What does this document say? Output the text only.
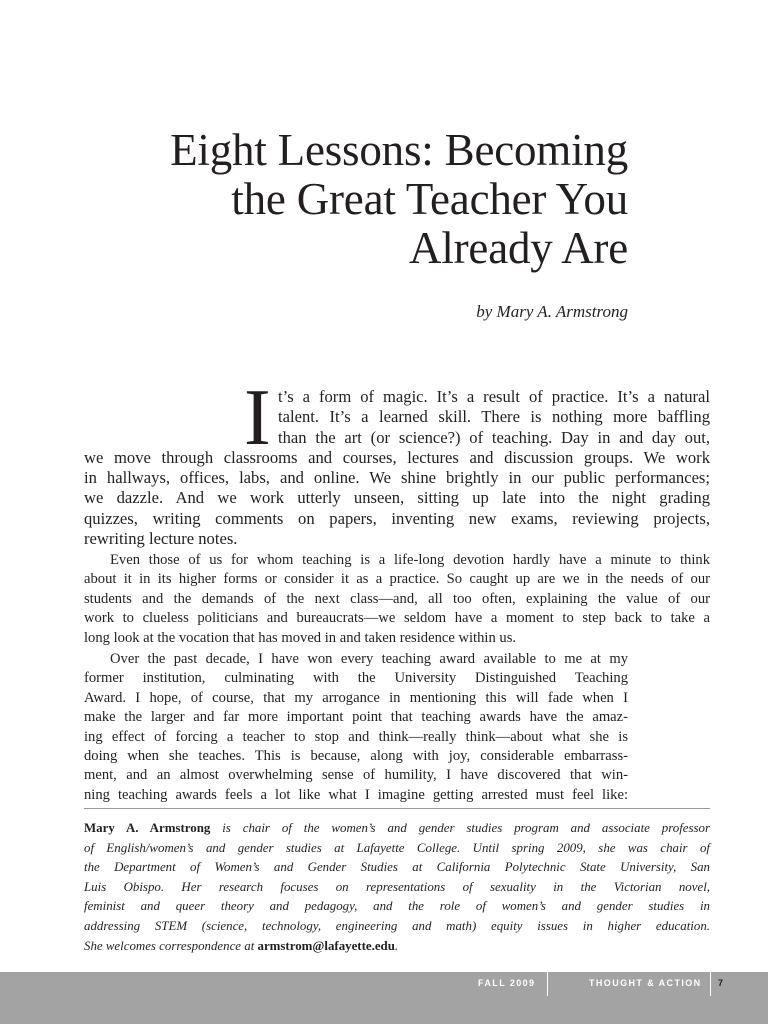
Eight Lessons: Becoming
the Great Teacher You
Already Are
by Mary A. Armstrong
I t’s a form of magic. It’s a result of practice. It’s a natural
talent. It’s a learned skill. There is nothing more baffling
than the art (or science?) of teaching. Day in and day out,
we move through classrooms and courses, lectures and discussion groups. We work
in hallways, offices, labs, and online. We shine brightly in our public performances;
we dazzle. And we work utterly unseen, sitting up late into the night grading
quizzes, writing comments on papers, inventing new exams, reviewing projects,
rewriting lecture notes.
Even those of us for whom teaching is a life-long devotion hardly have a minute to think
about it in its higher forms or consider it as a practice. So caught up are we in the needs of our
students and the demands of the next class—and, all too often, explaining the value of our
work to clueless politicians and bureaucrats—we seldom have a moment to step back to take a
long look at the vocation that has moved in and taken residence within us.
Over the past decade, I have won every teaching award available to me at my
former institution, culminating with the University Distinguished Teaching
Award. I hope, of course, that my arrogance in mentioning this will fade when I
make the larger and far more important point that teaching awards have the amaz-
ing effect of forcing a teacher to stop and think—really think—about what she is
doing when she teaches. This is because, along with joy, considerable embarrass-
ment, and an almost overwhelming sense of humility, I have discovered that win-
ning teaching awards feels a lot like what I imagine getting arrested must feel like:
Mary A. Armstrong is chair of the women’s and gender studies program and associate professor
of English/women’s and gender studies at Lafayette College. Until spring 2009, she was chair of
the Department of Women’s and Gender Studies at California Polytechnic State University, San
Luis Obispo. Her research focuses on representations of sexuality in the Victorian novel,
feminist and queer theory and pedagogy, and the role of women’s and gender studies in
addressing STEM (science, technology, engineering and math) equity issues in higher education.
She welcomes correspondence at armstrom@lafayette.edu.
FALL 2009	THOUGHT & ACTION 7
